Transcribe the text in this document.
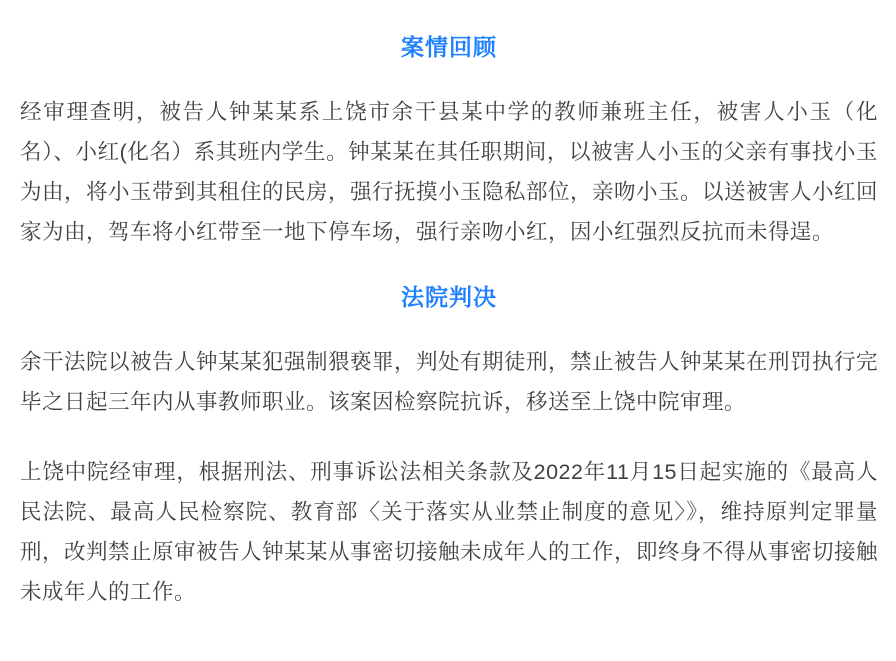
案情回顾

经审理查明，被告人钟某某系上饶市余干县某中学的教师兼班主任，被害人小玉（化名）、小红(化名）系其班内学生。钟某某在其任职期间，以被害人小玉的父亲有事找小玉为由，将小玉带到其租住的民房，强行抚摸小玉隐私部位，亲吻小玉。以送被害人小红回家为由，驾车将小红带至一地下停车场，强行亲吻小红，因小红强烈反抗而未得逞。

法院判决

余干法院以被告人钟某某犯强制猥亵罪，判处有期徒刑，禁止被告人钟某某在刑罚执行完毕之日起三年内从事教师职业。该案因检察院抗诉，移送至上饶中院审理。

上饶中院经审理，根据刑法、刑事诉讼法相关条款及2022年11月15日起实施的《最高人民法院、最高人民检察院、教育部〈关于落实从业禁止制度的意见〉》，维持原判定罪量刑，改判禁止原审被告人钟某某从事密切接触未成年人的工作，即终身不得从事密切接触未成年人的工作。
